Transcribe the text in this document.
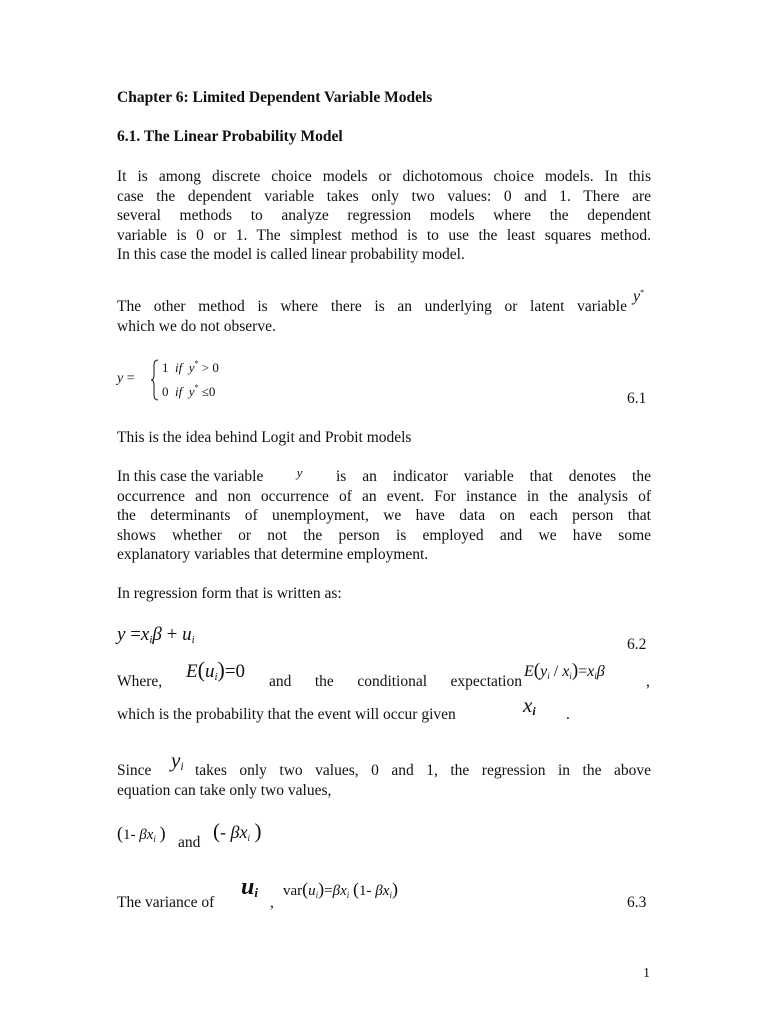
Chapter 6: Limited Dependent Variable Models
6.1. The Linear Probability Model
It is among discrete choice models or dichotomous choice models. In this
case the dependent variable takes only two values: 0 and 1. There are
several methods to analyze regression models where the dependent
variable is 0 or 1. The simplest method is to use the least squares method.
In this case the model is called linear probability model.
The other method is where there is an underlying or latent variable
which we do not observe.
y*
y =
1  if  y* > 0
0  if  y* ≤0	6.1
This is the idea behind Logit and Probit models
In this case the variable	y is an indicator variable that denotes the
occurrence and non occurrence of an event. For instance in the analysis of
the determinants of unemployment, we have data on each person that
shows whether or not the person is employed and we have some
explanatory variables that determine employment.
In regression form that is written as:
$y =x_i\beta + u_i$	6.2
Where, $E(u_i)=0$ and the conditional expectation
$E(y_i / x_i)=x_i\beta$
,
which is the probability that the event will occur given	$x_i$ .
Since $y_i$ takes only two values, 0 and 1, the regression in the above
equation can take only two values,
(1- $\beta x_i$ ) and (- $\beta x_i$ )
The variance of
$u_i$
,
$var(u_i)=\beta x_i$ (1- $\beta x_i$)
6.3
1
